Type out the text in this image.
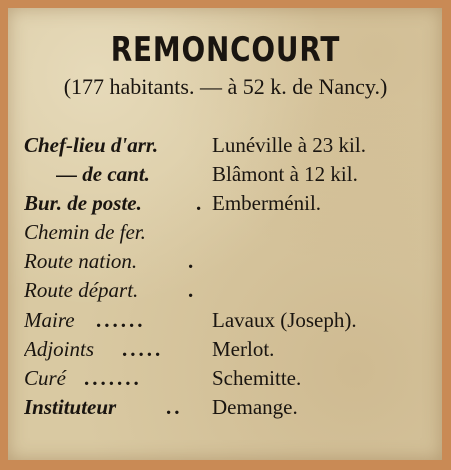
REMONCOURT
(177 habitants. — à 52 k. de Nancy.)
Chef-lieu d'arr.	Lunéville à 23 kil.
— de cant.	Blâmont à 12 kil.
Bur. de poste.	. Emberménil.
Chemin de fer.
Route nation.	.
Route départ.	.
Maire	......	Lavaux (Joseph).
Adjoints	..... Merlot.
Curé .......	Schemitte.
Instituteur	.. Demange.
